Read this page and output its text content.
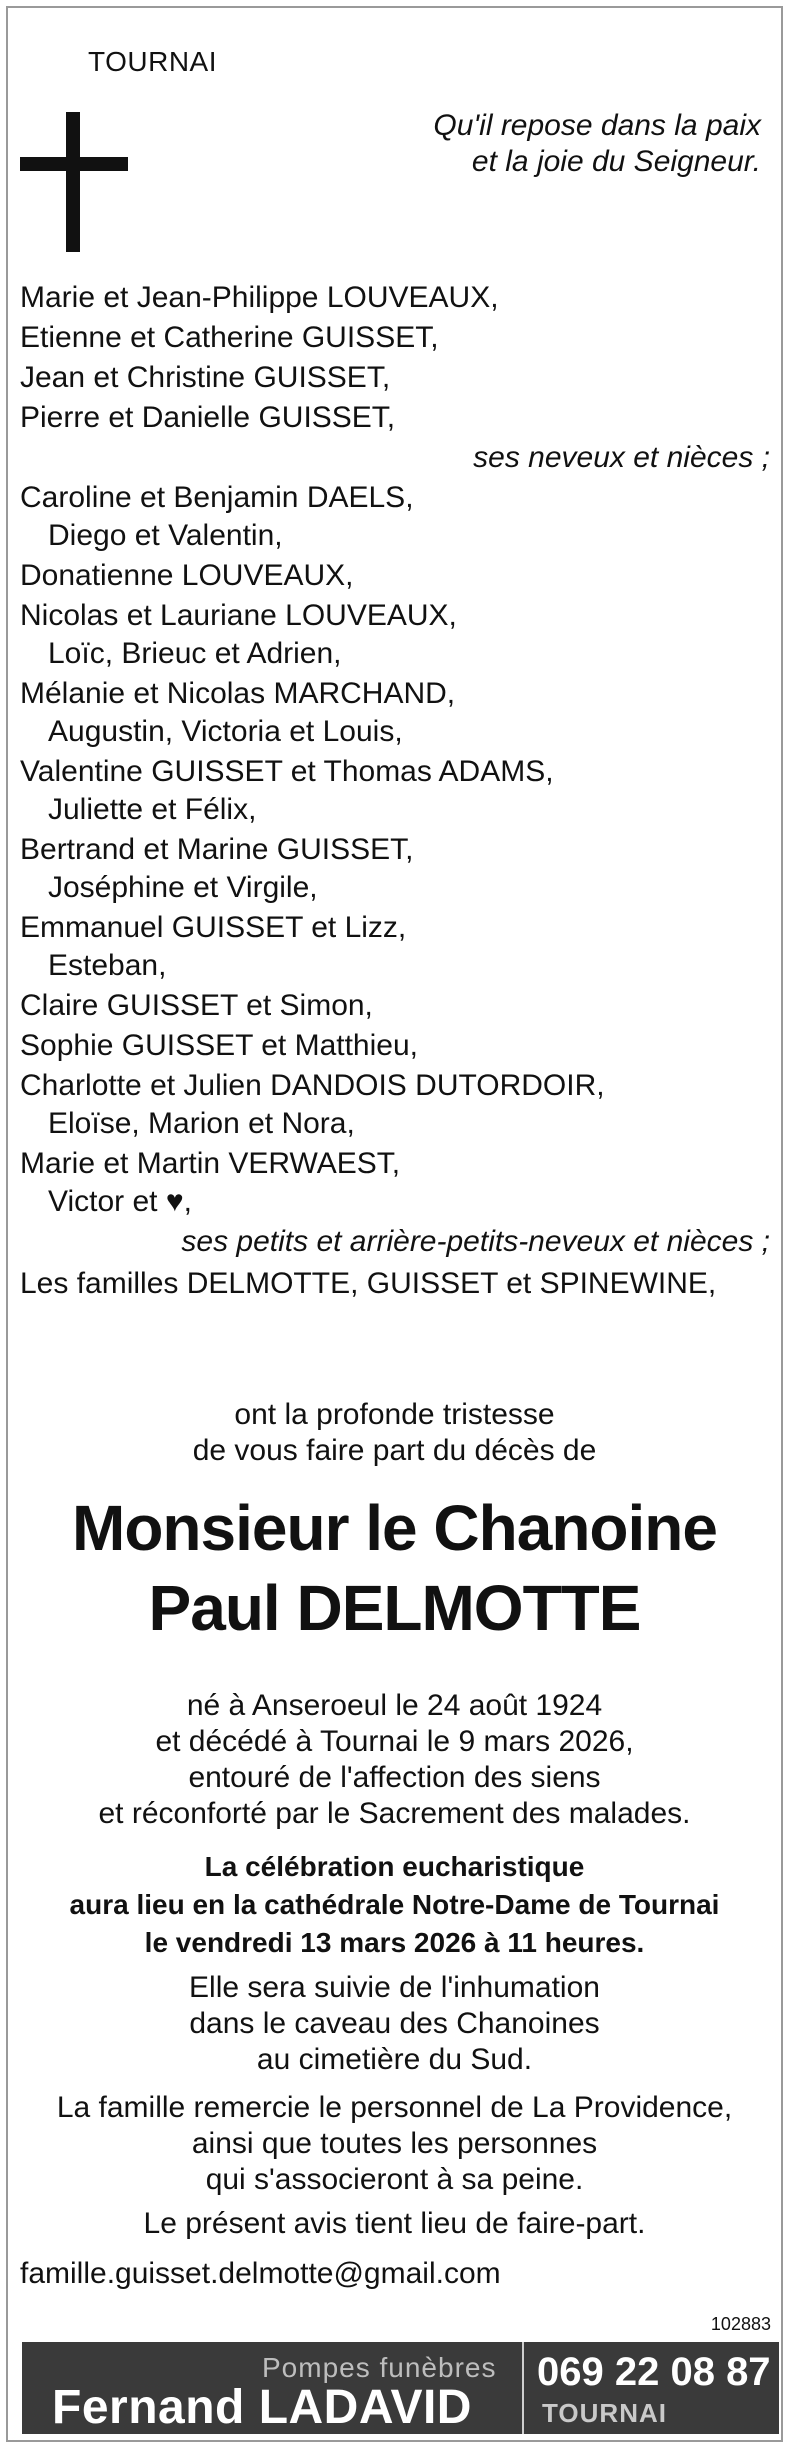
TOURNAI
Qu'il repose dans la paix
et la joie du Seigneur.
Marie et Jean-Philippe LOUVEAUX,
Etienne et Catherine GUISSET,
Jean et Christine GUISSET,
Pierre et Danielle GUISSET,
ses neveux et nièces ;
Caroline et Benjamin DAELS,
Diego et Valentin,
Donatienne LOUVEAUX,
Nicolas et Lauriane LOUVEAUX,
Loïc, Brieuc et Adrien,
Mélanie et Nicolas MARCHAND,
Augustin, Victoria et Louis,
Valentine GUISSET et Thomas ADAMS,
Juliette et Félix,
Bertrand et Marine GUISSET,
Joséphine et Virgile,
Emmanuel GUISSET et Lizz,
Esteban,
Claire GUISSET et Simon,
Sophie GUISSET et Matthieu,
Charlotte et Julien DANDOIS DUTORDOIR,
Eloïse, Marion et Nora,
Marie et Martin VERWAEST,
Victor et ♥,
ses petits et arrière-petits-neveux et nièces ;
Les familles DELMOTTE, GUISSET et SPINEWINE,
ont la profonde tristesse
de vous faire part du décès de
Monsieur le Chanoine
Paul DELMOTTE
né à Anseroeul le 24 août 1924
et décédé à Tournai le 9 mars 2026,
entouré de l'affection des siens
et réconforté par le Sacrement des malades.
La célébration eucharistique
aura lieu en la cathédrale Notre-Dame de Tournai
le vendredi 13 mars 2026 à 11 heures.
Elle sera suivie de l'inhumation
dans le caveau des Chanoines
au cimetière du Sud.
La famille remercie le personnel de La Providence,
ainsi que toutes les personnes
qui s'associeront à sa peine.
Le présent avis tient lieu de faire-part.
famille.guisset.delmotte@gmail.com
102883
Pompes funèbres
Fernand LADAVID
069 22 08 87
TOURNAI
